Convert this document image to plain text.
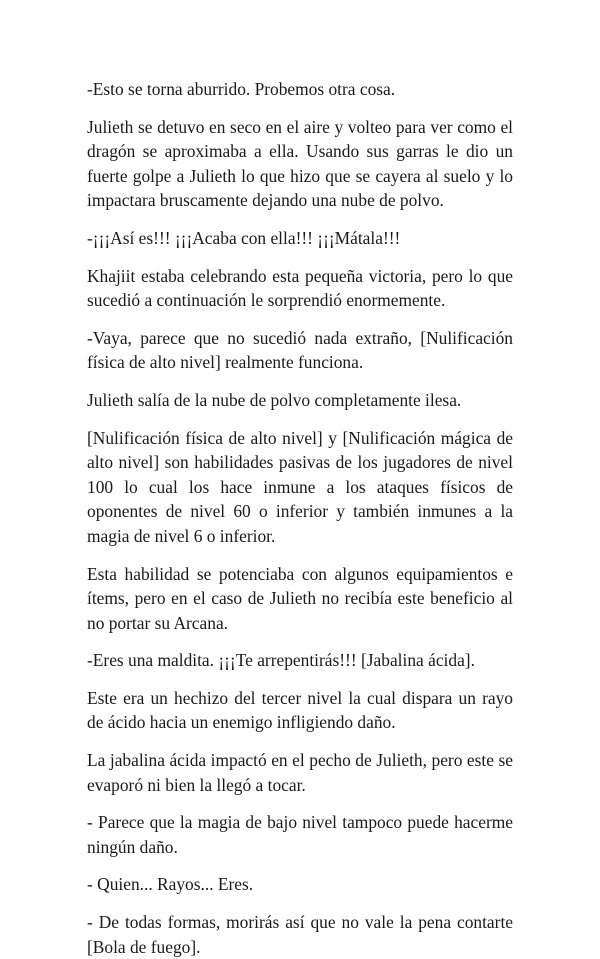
-Esto se torna aburrido. Probemos otra cosa.

Julieth se detuvo en seco en el aire y volteo para ver como el dragón se aproximaba a ella. Usando sus garras le dio un fuerte golpe a Julieth lo que hizo que se cayera al suelo y lo impactara bruscamente dejando una nube de polvo.

-¡¡¡Así es!!! ¡¡¡Acaba con ella!!! ¡¡¡Mátala!!!

Khajiit estaba celebrando esta pequeña victoria, pero lo que sucedió a continuación le sorprendió enormemente.

-Vaya, parece que no sucedió nada extraño, [Nulificación física de alto nivel] realmente funciona.

Julieth salía de la nube de polvo completamente ilesa.

[Nulificación física de alto nivel] y [Nulificación mágica de alto nivel] son habilidades pasivas de los jugadores de nivel 100 lo cual los hace inmune a los ataques físicos de oponentes de nivel 60 o inferior y también inmunes a la magia de nivel 6 o inferior.

Esta habilidad se potenciaba con algunos equipamientos e ítems, pero en el caso de Julieth no recibía este beneficio al no portar su Arcana.

-Eres una maldita. ¡¡¡Te arrepentirás!!! [Jabalina ácida].

Este era un hechizo del tercer nivel la cual dispara un rayo de ácido hacia un enemigo infligiendo daño.

La jabalina ácida impactó en el pecho de Julieth, pero este se evaporó ni bien la llegó a tocar.

- Parece que la magia de bajo nivel tampoco puede hacerme ningún daño.

- Quien... Rayos... Eres.

- De todas formas, morirás así que no vale la pena contarte [Bola de fuego].
